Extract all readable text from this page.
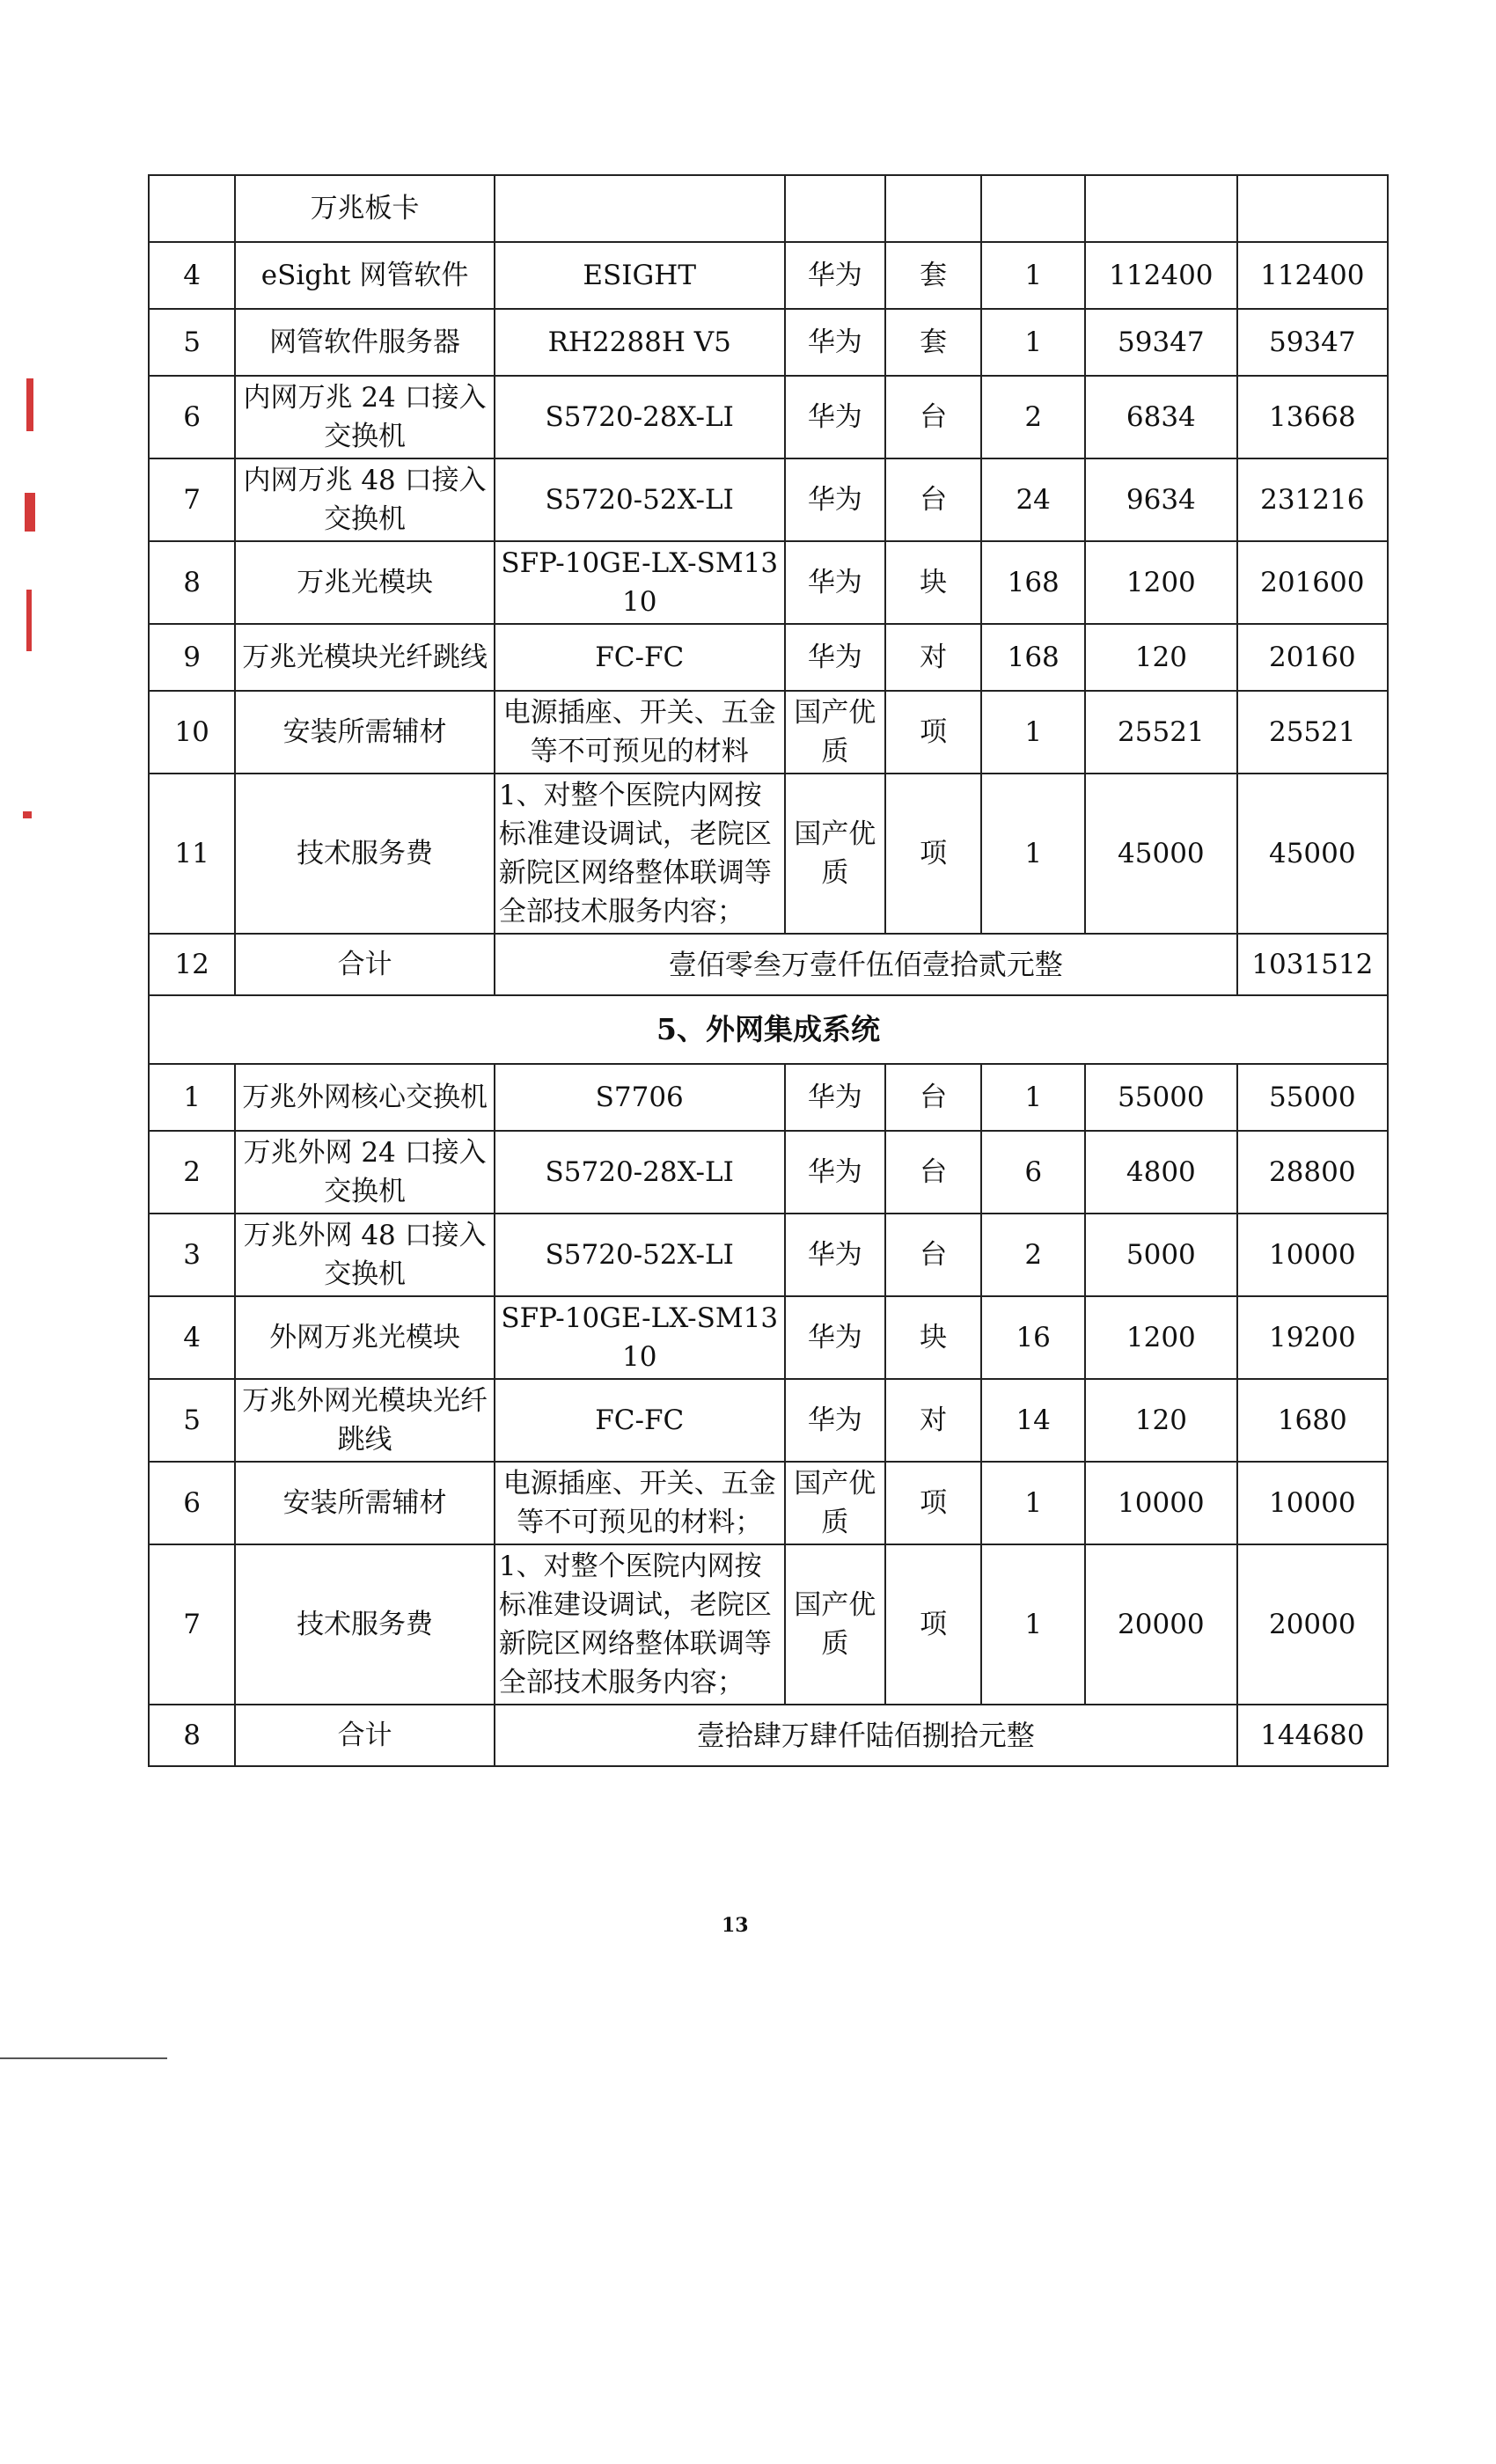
	万兆板卡						
4	eSight 网管软件	ESIGHT	华为	套	1	112400	112400
5	网管软件服务器	RH2288H V5	华为	套	1	59347	59347
6	内网万兆 24 口接入交换机	S5720-28X-LI	华为	台	2	6834	13668
7	内网万兆 48 口接入交换机	S5720-52X-LI	华为	台	24	9634	231216
8	万兆光模块	SFP-10GE-LX-SM1310	华为	块	168	1200	201600
9	万兆光模块光纤跳线	FC-FC	华为	对	168	120	20160
10	安装所需辅材	电源插座、开关、五金等不可预见的材料	国产优质	项	1	25521	25521
11	技术服务费	1、对整个医院内网按标准建设调试，老院区新院区网络整体联调等全部技术服务内容；	国产优质	项	1	45000	45000
12	合计	壹佰零叁万壹仟伍佰壹拾贰元整					1031512
5、外网集成系统							
1	万兆外网核心交换机	S7706	华为	台	1	55000	55000
2	万兆外网 24 口接入交换机	S5720-28X-LI	华为	台	6	4800	28800
3	万兆外网 48 口接入交换机	S5720-52X-LI	华为	台	2	5000	10000
4	外网万兆光模块	SFP-10GE-LX-SM1310	华为	块	16	1200	19200
5	万兆外网光模块光纤跳线	FC-FC	华为	对	14	120	1680
6	安装所需辅材	电源插座、开关、五金等不可预见的材料；	国产优质	项	1	10000	10000
7	技术服务费	1、对整个医院内网按标准建设调试，老院区新院区网络整体联调等全部技术服务内容；	国产优质	项	1	20000	20000
8	合计	壹拾肆万肆仟陆佰捌拾元整					144680
13
